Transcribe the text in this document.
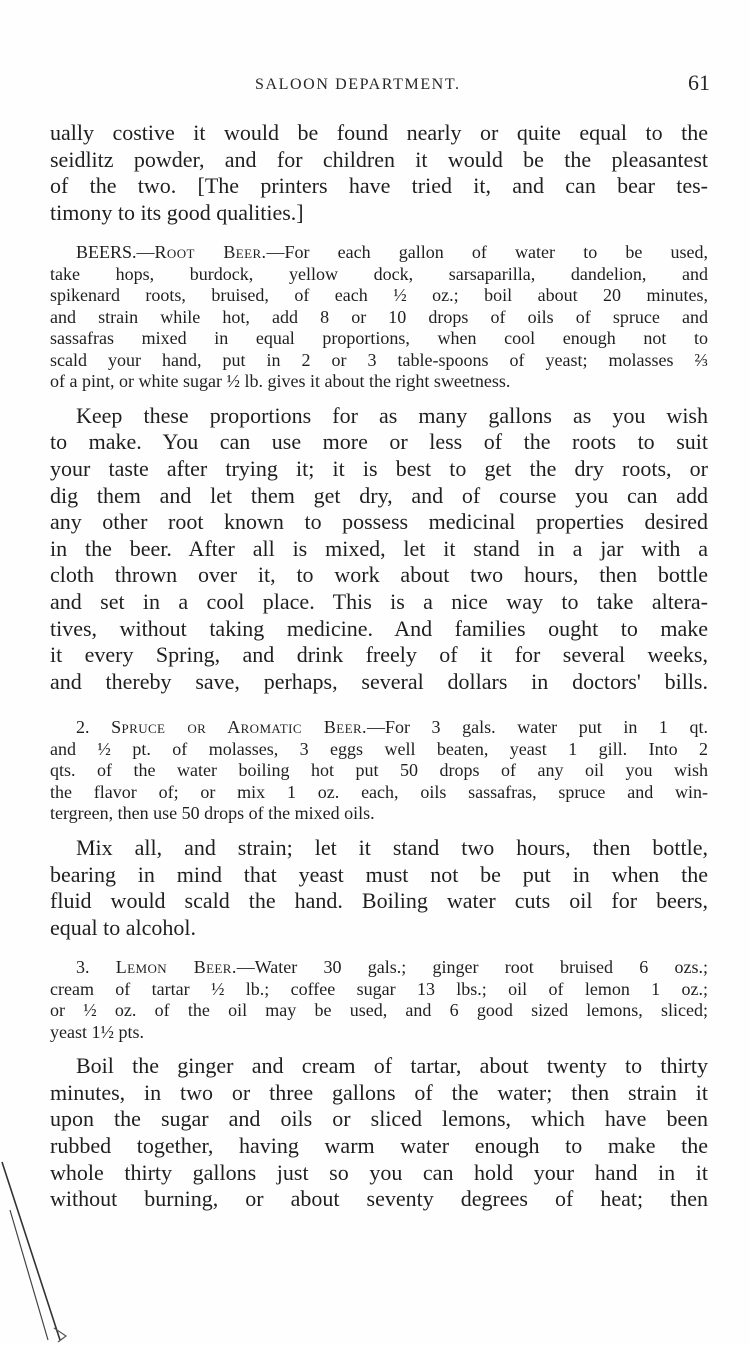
SALOON DEPARTMENT.	61
ually costive it would be found nearly or quite equal to the
seidlitz powder, and for children it would be the pleasantest
of the two. [The printers have tried it, and can bear tes-
timony to its good qualities.]
BEERS.—Root Beer.—For each gallon of water to be used,
take hops, burdock, yellow dock, sarsaparilla, dandelion, and
spikenard roots, bruised, of each ½ oz.; boil about 20 minutes,
and strain while hot, add 8 or 10 drops of oils of spruce and
sassafras mixed in equal proportions, when cool enough not to
scald your hand, put in 2 or 3 table-spoons of yeast; molasses ⅔
of a pint, or white sugar ½ lb. gives it about the right sweetness.
Keep these proportions for as many gallons as you wish
to make. You can use more or less of the roots to suit
your taste after trying it; it is best to get the dry roots, or
dig them and let them get dry, and of course you can add
any other root known to possess medicinal properties desired
in the beer. After all is mixed, let it stand in a jar with a
cloth thrown over it, to work about two hours, then bottle
and set in a cool place. This is a nice way to take altera-
tives, without taking medicine. And families ought to make
it every Spring, and drink freely of it for several weeks,
and thereby save, perhaps, several dollars in doctors' bills.
2. Spruce or Aromatic Beer.—For 3 gals. water put in 1 qt.
and ½ pt. of molasses, 3 eggs well beaten, yeast 1 gill. Into 2
qts. of the water boiling hot put 50 drops of any oil you wish
the flavor of; or mix 1 oz. each, oils sassafras, spruce and win-
tergreen, then use 50 drops of the mixed oils.
Mix all, and strain; let it stand two hours, then bottle,
bearing in mind that yeast must not be put in when the
fluid would scald the hand. Boiling water cuts oil for beers,
equal to alcohol.
3. Lemon Beer.—Water 30 gals.; ginger root bruised 6 ozs.;
cream of tartar ½ lb.; coffee sugar 13 lbs.; oil of lemon 1 oz.;
or ½ oz. of the oil may be used, and 6 good sized lemons, sliced;
yeast 1½ pts.
Boil the ginger and cream of tartar, about twenty to thirty
minutes, in two or three gallons of the water; then strain it
upon the sugar and oils or sliced lemons, which have been
rubbed together, having warm water enough to make the
whole thirty gallons just so you can hold your hand in it
without burning, or about seventy degrees of heat; then
